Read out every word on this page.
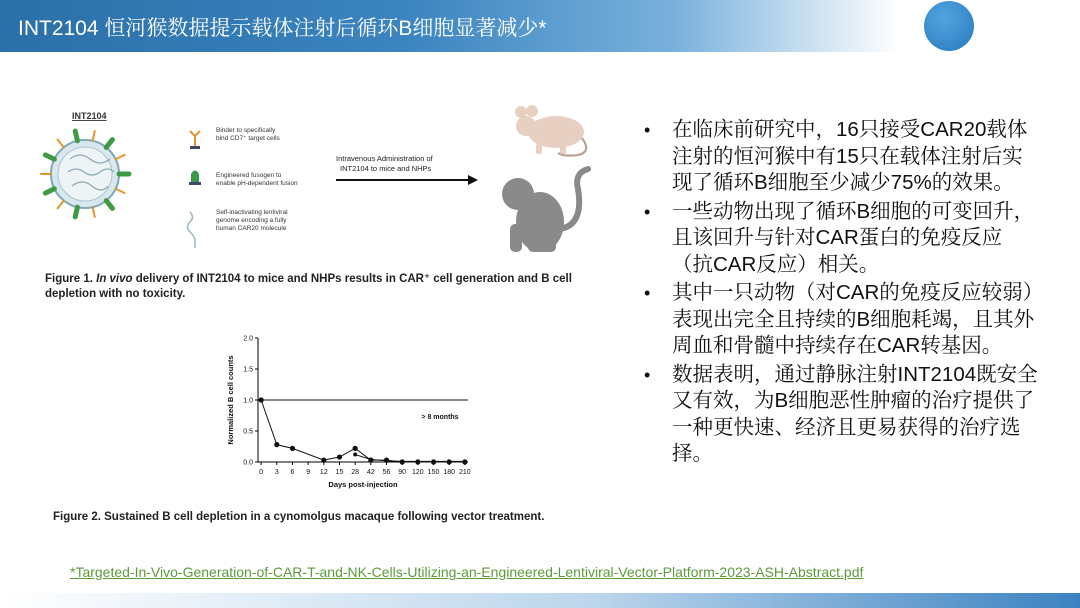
INT2104 恒河猴数据提示载体注射后循环B细胞显著减少*
INT2104
Binder to specifically bind CD7⁺ target cells Engineered fusogen to enable pH-dependent fusion Self-inactivating lentiviral genome encoding a fully human CAR20 molecule
Intravenous Administration of INT2104 to mice and NHPs
Figure 1. In vivo delivery of INT2104 to mice and NHPs results in CAR⁺ cell generation and B cell depletion with no toxicity.
0.0
0.5
1.0
1.5
2.0
0 3 6 9 12 15 28 42 56 90 120 150 180 210
> 8 months
Normalized B cell counts
Days post-injection
Figure 2. Sustained B cell depletion in a cynomolgus macaque following vector treatment.
• 在临床前研究中，16只接受CAR20载体注射的恒河猴中有15只在载体注射后实现了循环B细胞至少减少75%的效果。
• 一些动物出现了循环B细胞的可变回升，且该回升与针对CAR蛋白的免疫反应（抗CAR反应）相关。
• 其中一只动物（对CAR的免疫反应较弱）表现出完全且持续的B细胞耗竭，且其外周血和骨髓中持续存在CAR转基因。
• 数据表明，通过静脉注射INT2104既安全又有效，为B细胞恶性肿瘤的治疗提供了一种更快速、经济且更易获得的治疗选择。
*Targeted-In-Vivo-Generation-of-CAR-T-and-NK-Cells-Utilizing-an-Engineered-Lentiviral-Vector-Platform-2023-ASH-Abstract.pdf
